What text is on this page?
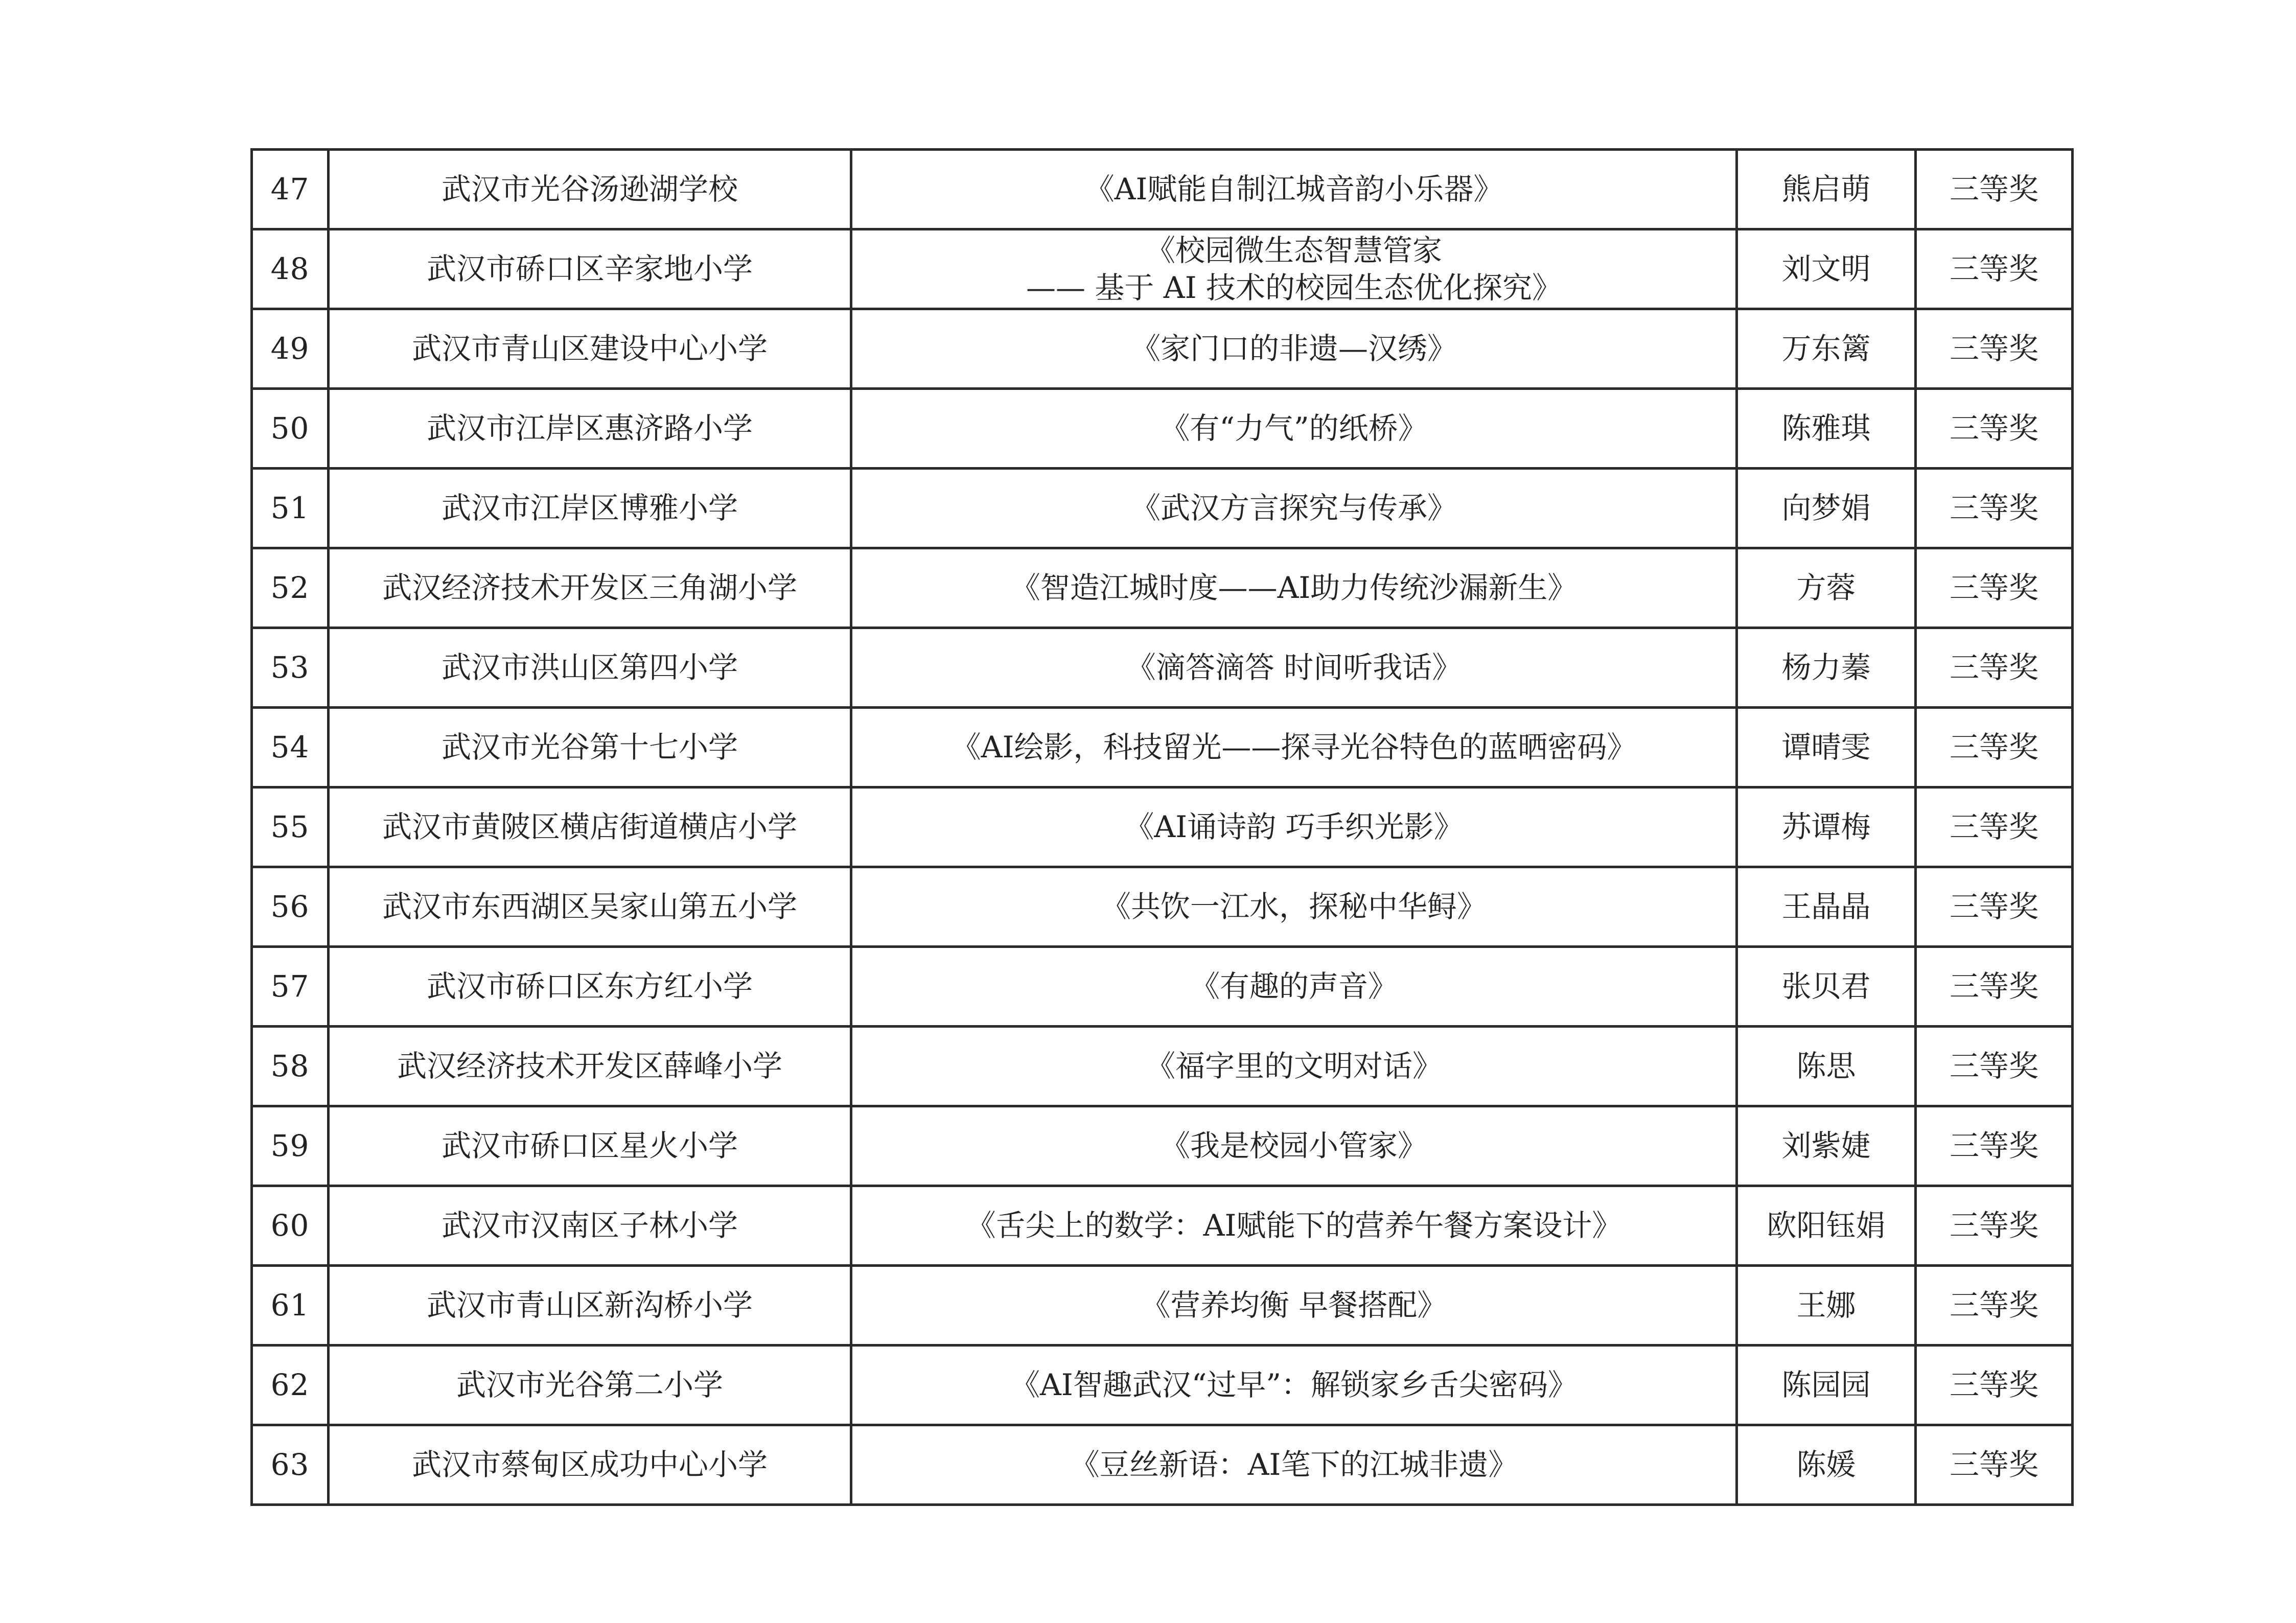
47	武汉市光谷汤逊湖学校	《AI赋能自制江城音韵小乐器》	熊启萌	三等奖
48	武汉市硚口区辛家地小学	《校园微生态智慧管家
—— 基于 AI 技术的校园生态优化探究》	刘文明	三等奖
49	武汉市青山区建设中心小学	《家门口的非遗—汉绣》	万东篱	三等奖
50	武汉市江岸区惠济路小学	《有“力气”的纸桥》	陈雅琪	三等奖
51	武汉市江岸区博雅小学	《武汉方言探究与传承》	向梦娟	三等奖
52	武汉经济技术开发区三角湖小学	《智造江城时度——AI助力传统沙漏新生》	方蓉	三等奖
53	武汉市洪山区第四小学	《滴答滴答 时间听我话》	杨力蓁	三等奖
54	武汉市光谷第十七小学	《AI绘影，科技留光——探寻光谷特色的蓝晒密码》	谭晴雯	三等奖
55	武汉市黄陂区横店街道横店小学	《AI诵诗韵 巧手织光影》	苏谭梅	三等奖
56	武汉市东西湖区吴家山第五小学	《共饮一江水，探秘中华鲟》	王晶晶	三等奖
57	武汉市硚口区东方红小学	《有趣的声音》	张贝君	三等奖
58	武汉经济技术开发区薛峰小学	《福字里的文明对话》	陈思	三等奖
59	武汉市硚口区星火小学	《我是校园小管家》	刘紫婕	三等奖
60	武汉市汉南区子林小学	《舌尖上的数学：AI赋能下的营养午餐方案设计》	欧阳钰娟	三等奖
61	武汉市青山区新沟桥小学	《营养均衡 早餐搭配》	王娜	三等奖
62	武汉市光谷第二小学	《AI智趣武汉“过早”：解锁家乡舌尖密码》	陈园园	三等奖
63	武汉市蔡甸区成功中心小学	《豆丝新语：AI笔下的江城非遗》	陈媛	三等奖
